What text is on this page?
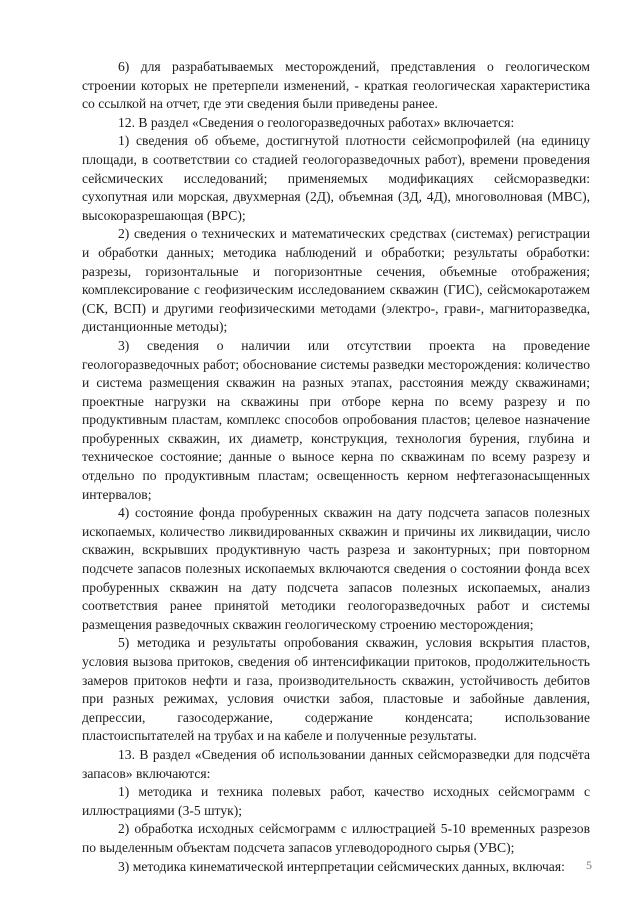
6) для разрабатываемых месторождений, представления о геологическом строении которых не претерпели изменений, - краткая геологическая характеристика со ссылкой на отчет, где эти сведения были приведены ранее.

12. В раздел «Сведения о геологоразведочных работах» включается:

1) сведения об объеме, достигнутой плотности сейсмопрофилей (на единицу площади, в соответствии со стадией геологоразведочных работ), времени проведения сейсмических исследований; применяемых модификациях сейсморазведки: сухопутная или морская, двухмерная (2Д), объемная (3Д, 4Д), многоволновая (МВС), высокоразрешающая (ВРС);

2) сведения о технических и математических средствах (системах) регистрации и обработки данных; методика наблюдений и обработки; результаты обработки: разрезы, горизонтальные и погоризонтные сечения, объемные отображения; комплексирование с геофизическим исследованием скважин (ГИС), сейсмокаротажем (СК, ВСП) и другими геофизическими методами (электро-, грави-, магниторазведка, дистанционные методы);

3) сведения о наличии или отсутствии проекта на проведение геологоразведочных работ; обоснование системы разведки месторождения: количество и система размещения скважин на разных этапах, расстояния между скважинами; проектные нагрузки на скважины при отборе керна по всему разрезу и по продуктивным пластам, комплекс способов опробования пластов; целевое назначение пробуренных скважин, их диаметр, конструкция, технология бурения, глубина и техническое состояние; данные о выносе керна по скважинам по всему разрезу и отдельно по продуктивным пластам; освещенность керном нефтегазонасыщенных интервалов;

4) состояние фонда пробуренных скважин на дату подсчета запасов полезных ископаемых, количество ликвидированных скважин и причины их ликвидации, число скважин, вскрывших продуктивную часть разреза и законтурных; при повторном подсчете запасов полезных ископаемых включаются сведения о состоянии фонда всех пробуренных скважин на дату подсчета запасов полезных ископаемых, анализ соответствия ранее принятой методики геологоразведочных работ и системы размещения разведочных скважин геологическому строению месторождения;

5) методика и результаты опробования скважин, условия вскрытия пластов, условия вызова притоков, сведения об интенсификации притоков, продолжительность замеров притоков нефти и газа, производительность скважин, устойчивость дебитов при разных режимах, условия очистки забоя, пластовые и забойные давления, депрессии, газосодержание, содержание конденсата; использование пластоиспытателей на трубах и на кабеле и полученные результаты.

13. В раздел «Сведения об использовании данных сейсморазведки для подсчёта запасов» включаются:

1) методика и техника полевых работ, качество исходных сейсмограмм с иллюстрациями (3-5 штук);

2) обработка исходных сейсмограмм с иллюстрацией 5-10 временных разрезов по выделенным объектам подсчета запасов углеводородного сырья (УВС);

3) методика кинематической интерпретации сейсмических данных, включая:	5
